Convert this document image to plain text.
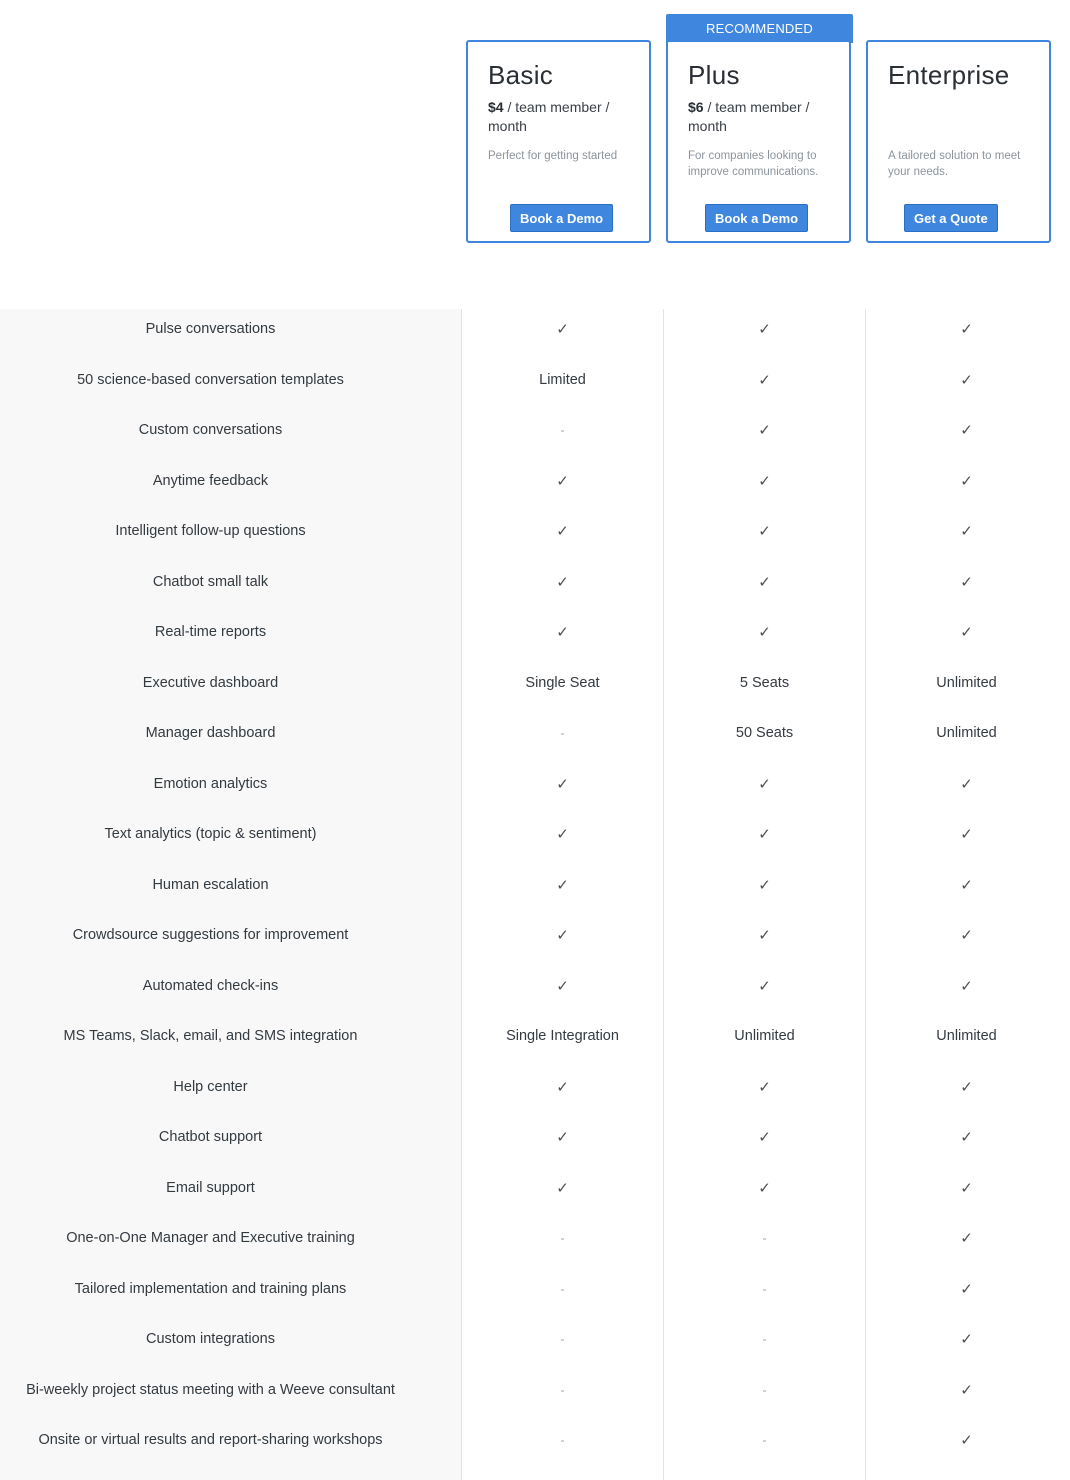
RECOMMENDED
Basic
$4 / team member / month
Perfect for getting started
Book a Demo
Plus
$6 / team member / month
For companies looking to improve communications.
Book a Demo
Enterprise
A tailored solution to meet your needs.
Get a Quote
Pulse conversations	✓	✓	✓
50 science-based conversation templates	Limited	✓	✓
Custom conversations	-	✓	✓
Anytime feedback	✓	✓	✓
Intelligent follow-up questions	✓	✓	✓
Chatbot small talk	✓	✓	✓
Real-time reports	✓	✓	✓
Executive dashboard	Single Seat	5 Seats	Unlimited
Manager dashboard	-	50 Seats	Unlimited
Emotion analytics	✓	✓	✓
Text analytics (topic & sentiment)	✓	✓	✓
Human escalation	✓	✓	✓
Crowdsource suggestions for improvement	✓	✓	✓
Automated check-ins	✓	✓	✓
MS Teams, Slack, email, and SMS integration	Single Integration	Unlimited	Unlimited
Help center	✓	✓	✓
Chatbot support	✓	✓	✓
Email support	✓	✓	✓
One-on-One Manager and Executive training	-	-	✓
Tailored implementation and training plans	-	-	✓
Custom integrations	-	-	✓
Bi-weekly project status meeting with a Weeve consultant	-	-	✓
Onsite or virtual results and report-sharing workshops	-	-	✓
